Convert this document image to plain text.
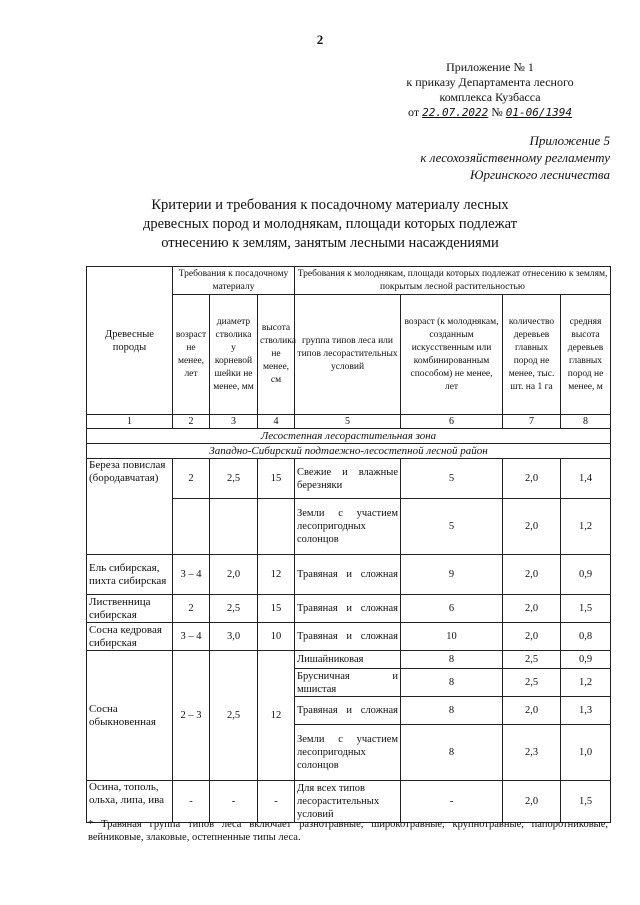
2
Приложение № 1
к приказу Департамента лесного
комплекса Кузбасса
от 22.07.2022 № 01-06/1394
Приложение 5
к лесохозяйственному регламенту
Юргинского лесничества
Критерии и требования к посадочному материалу лесных
древесных пород и молоднякам, площади которых подлежат
отнесению к землям, занятым лесными насаждениями
Древесные породы	Требования к посадочному материалу			Требования к молоднякам, площади которых подлежат отнесению к землям, покрытым лесной растительностью			
	возраст не менее, лет	диаметр стволика у корневой шейки не менее, мм	высота стволика не менее, см	группа типов леса или типов лесорастительных условий	возраст (к молоднякам, созданным искусственным или комбинированным способом) не менее, лет	количество деревьев главных пород не менее, тыс. шт. на 1 га	средняя высота деревьев главных пород не менее, м
1	2	3	4	5	6	7	8
Лесостепная лесорастительная зона							
Западно-Сибирский подтаежно-лесостепной лесной район							
Береза повислая (бородавчатая)	2	2,5	15	Свежие и влажные березняки	5	2,0	1,4
				Земли с участием лесопригодных солонцов	5	2,0	1,2
Ель сибирская, пихта сибирская	3 – 4	2,0	12	Травяная и сложная	9	2,0	0,9
Лиственница сибирская	2	2,5	15	Травяная и сложная	6	2,0	1,5
Сосна кедровая сибирская	3 – 4	3,0	10	Травяная и сложная	10	2,0	0,8
Сосна обыкновенная	2 – 3	2,5	12	Лишайниковая	8	2,5	0,9
				Брусничная и мшистая	8	2,5	1,2
				Травяная и сложная	8	2,0	1,3
				Земли с участием лесопригодных солонцов	8	2,3	1,0
Осина, тополь, ольха, липа, ива	-	-	-	Для всех типов лесорастительных условий	-	2,0	1,5
* Травяная группа типов леса включает разнотравные, широкотравные, крупнотравные, папоротниковые, вейниковые, злаковые, остепненные типы леса.
